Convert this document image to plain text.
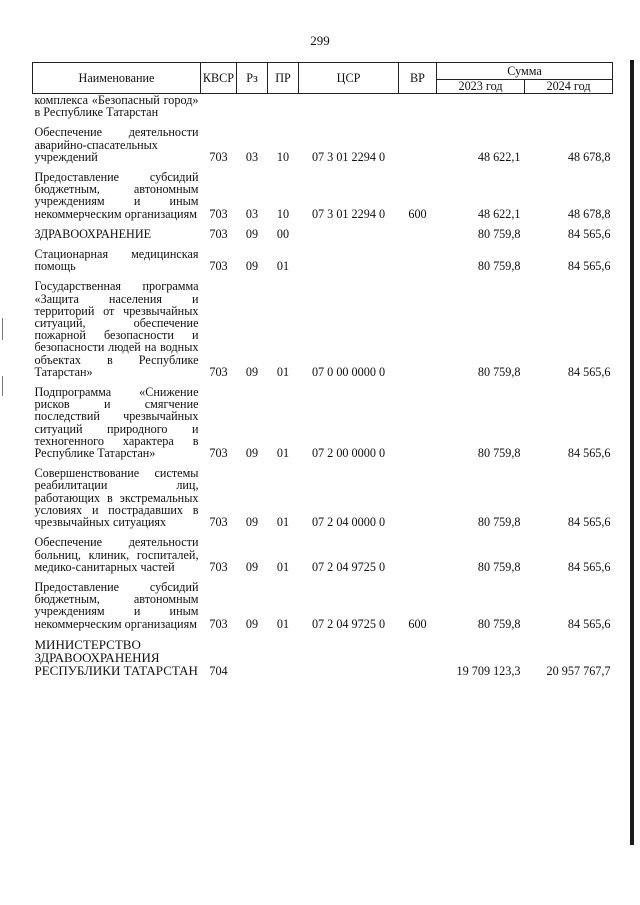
299
Наименование	КВСР	Рз	ПР	ЦСР	ВР	Сумма	
						2023 год	2024 год
комплекса «Безопасный город» в Республике Татарстан							
Обеспечение деятельности аварийно-спасательных учреждений	703	03	10	07 3 01 2294 0		48 622,1	48 678,8
Предоставление субсидий бюджетным, автономным учреждениям и иным некоммерческим организациям	703	03	10	07 3 01 2294 0	600	48 622,1	48 678,8
ЗДРАВООХРАНЕНИЕ	703	09	00			80 759,8	84 565,6
Стационарная медицинская помощь	703	09	01			80 759,8	84 565,6
Государственная программа «Защита населения и территорий от чрезвычайных ситуаций, обеспечение пожарной безопасности и безопасности людей на водных объектах в Республике Татарстан»	703	09	01	07 0 00 0000 0		80 759,8	84 565,6
Подпрограмма «Снижение рисков и смягчение последствий чрезвычайных ситуаций природного и техногенного характера в Республике Татарстан»	703	09	01	07 2 00 0000 0		80 759,8	84 565,6
Совершенствование системы реабилитации лиц, работающих в экстремальных условиях и пострадавших в чрезвычайных ситуациях	703	09	01	07 2 04 0000 0		80 759,8	84 565,6
Обеспечение деятельности больниц, клиник, госпиталей, медико-санитарных частей	703	09	01	07 2 04 9725 0		80 759,8	84 565,6
Предоставление субсидий бюджетным, автономным учреждениям и иным некоммерческим организациям	703	09	01	07 2 04 9725 0	600	80 759,8	84 565,6
МИНИСТЕРСТВО ЗДРАВООХРАНЕНИЯ РЕСПУБЛИКИ ТАТАРСТАН	704					19 709 123,3	20 957 767,7
